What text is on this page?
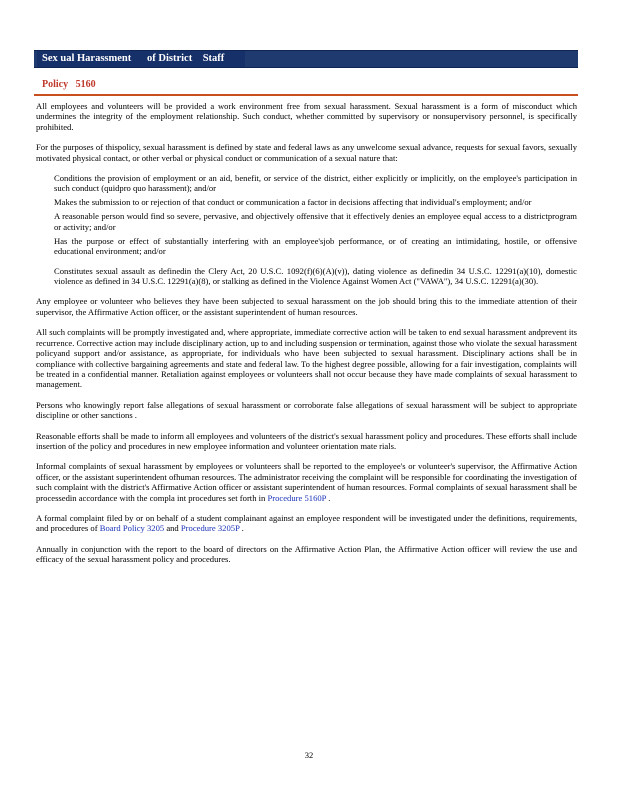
Sex ual Harassment      of District    Staff
Policy   5160

All employees and volunteers will be provided a work environment free from sexual harassment. Sexual harassment is a form of misconduct which undermines the integrity of the employment relationship. Such conduct, whether committed by supervisory or nonsupervisory personnel, is specifically prohibited.

For the purposes of thispolicy, sexual harassment is defined by state and federal laws as any unwelcome sexual advance, requests for sexual favors, sexually motivated physical contact, or other verbal or physical conduct or communication of a sexual nature that:

Conditions the provision of employment or an aid, benefit, or service of the district, either explicitly or implicitly, on the employee's participation in such conduct (quidpro quo harassment); and/or
Makes the submission to or rejection of that conduct or communication a factor in decisions affecting that individual's employment; and/or
A reasonable person would find so severe, pervasive, and objectively offensive that it effectively denies an employee equal access to a districtprogram or activity; and/or
Has the purpose or effect of substantially interfering with an employee'sjob performance, or of creating an intimidating, hostile, or offensive educational environment; and/or
Constitutes sexual assault as definedin the Clery Act, 20 U.S.C. 1092(f)(6)(A)(v)), dating violence as definedin 34 U.S.C. 12291(a)(10), domestic violence as defined in 34 U.S.C. 12291(a)(8), or stalking as defined in the Violence Against Women Act ("VAWA"), 34 U.S.C. 12291(a)(30).

Any employee or volunteer who believes they have been subjected to sexual harassment on the job should bring this to the immediate attention of their supervisor, the Affirmative Action officer, or the assistant superintendent of human resources.

All such complaints will be promptly investigated and, where appropriate, immediate corrective action will be taken to end sexual harassment andprevent its recurrence. Corrective action may include disciplinary action, up to and including suspension or termination, against those who violate the sexual harassment policyand support and/or assistance, as appropriate, for individuals who have been subjected to sexual harassment. Disciplinary actions shall be in compliance with collective bargaining agreements and state and federal law. To the highest degree possible, allowing for a fair investigation, complaints will be treated in a confidential manner. Retaliation against employees or volunteers shall not occur because they have made complaints of sexual harassment to management.

Persons who knowingly report false allegations of sexual harassment or corroborate false allegations of sexual harassment will be subject to appropriate discipline or other sanctions .

Reasonable efforts shall be made to inform all employees and volunteers of the district's sexual harassment policy and procedures. These efforts shall include insertion of the policy and procedures in new employee information and volunteer orientation mate rials.

Informal complaints of sexual harassment by employees or volunteers shall be reported to the employee's or volunteer's supervisor, the Affirmative Action officer, or the assistant superintendent ofhuman resources. The administrator receiving the complaint will be responsible for coordinating the investigation of such complaint with the district's Affirmative Action officer or assistant superintendent of human resources. Formal complaints of sexual harassment shall be processedin accordance with the compla int procedures set forth in Procedure 5160P .

A formal complaint filed by or on behalf of a student complainant against an employee respondent will be investigated under the definitions, requirements, and procedures of Board Policy 3205 and Procedure 3205P .

Annually in conjunction with the report to the board of directors on the Affirmative Action Plan, the Affirmative Action officer will review the use and efficacy of the sexual harassment policy and procedures.

32
